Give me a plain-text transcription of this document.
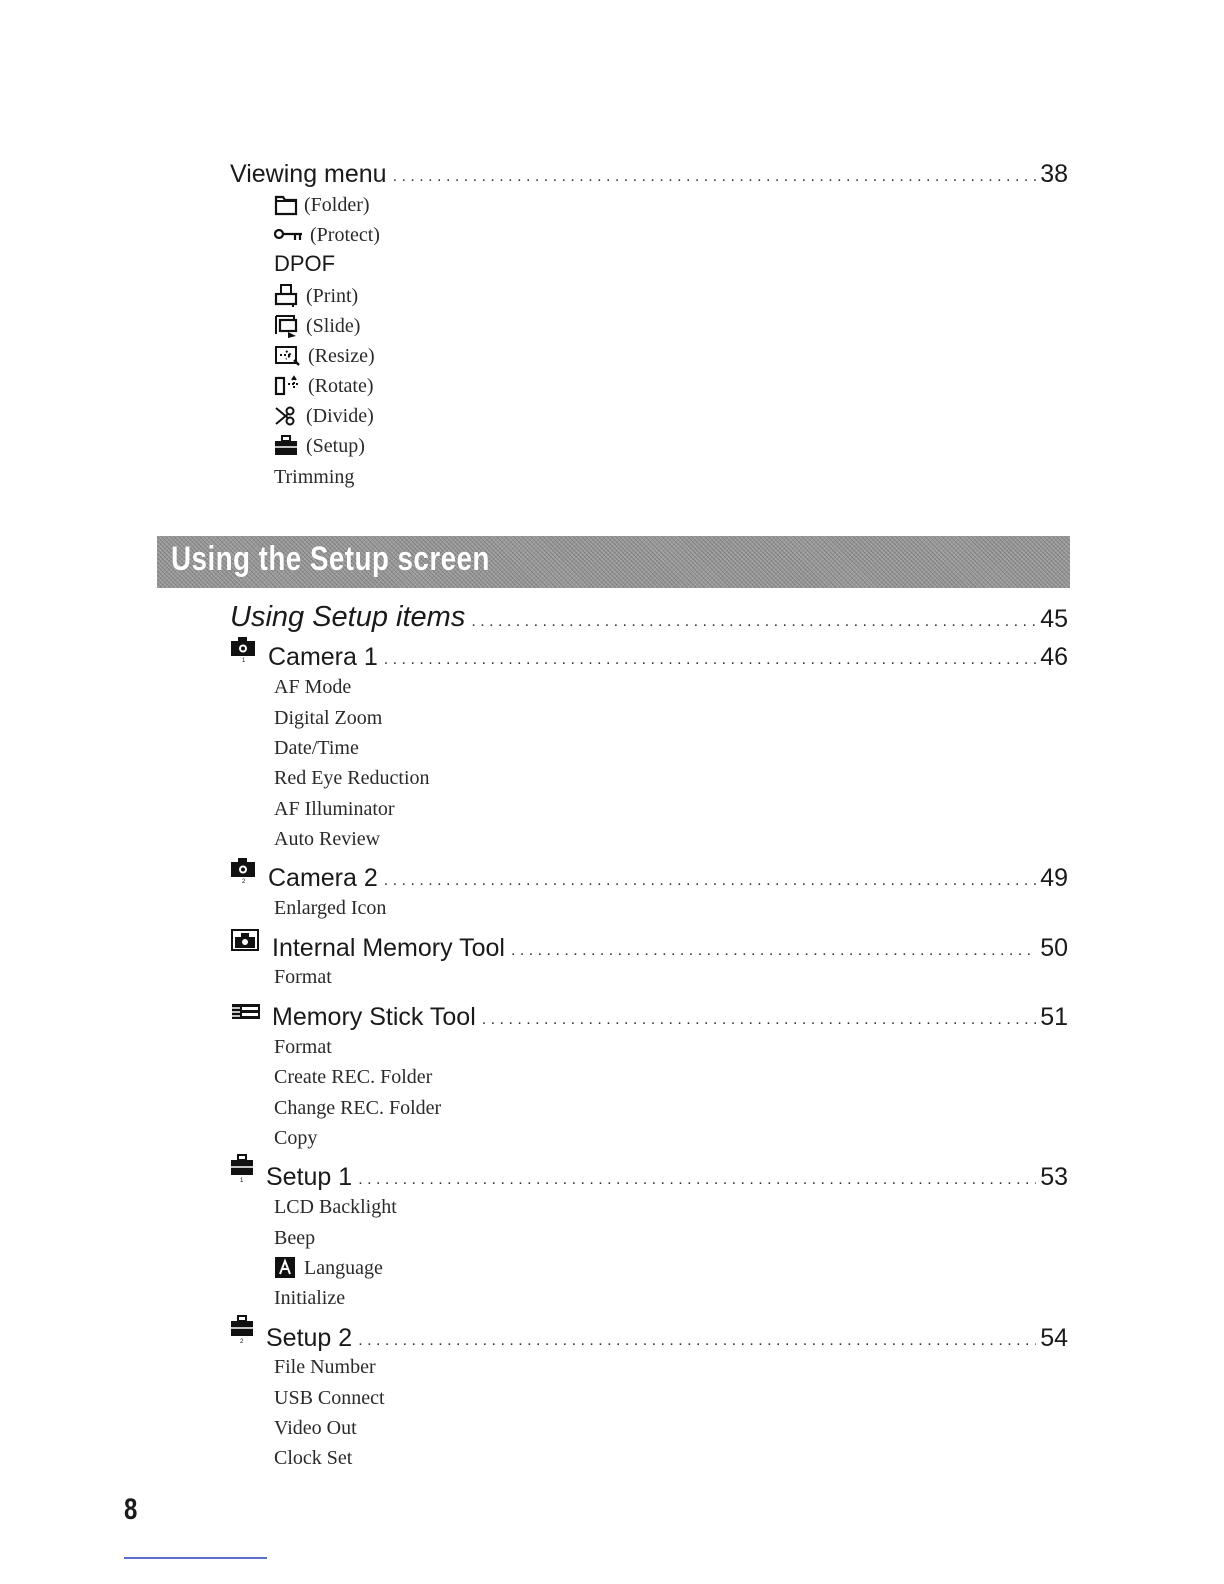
Viewing menu . . .	38
(Folder)
(Protect)
DPOF
(Print)
(Slide)
(Resize)
(Rotate)
(Divide)
(Setup)
Trimming
Using the Setup screen
Using Setup items . . .	45
1 Camera 1 . . .	46
AF Mode
Digital Zoom
Date/Time
Red Eye Reduction
AF Illuminator
Auto Review
2 Camera 2 . . .	49
Enlarged Icon
Internal Memory Tool . . .	50
Format
Memory Stick Tool . . .	51
Format
Create REC. Folder
Change REC. Folder
Copy
1 Setup 1 . . .	53
LCD Backlight
Beep
Language
Initialize
2 Setup 2 . . .	54
File Number
USB Connect
Video Out
Clock Set
8
